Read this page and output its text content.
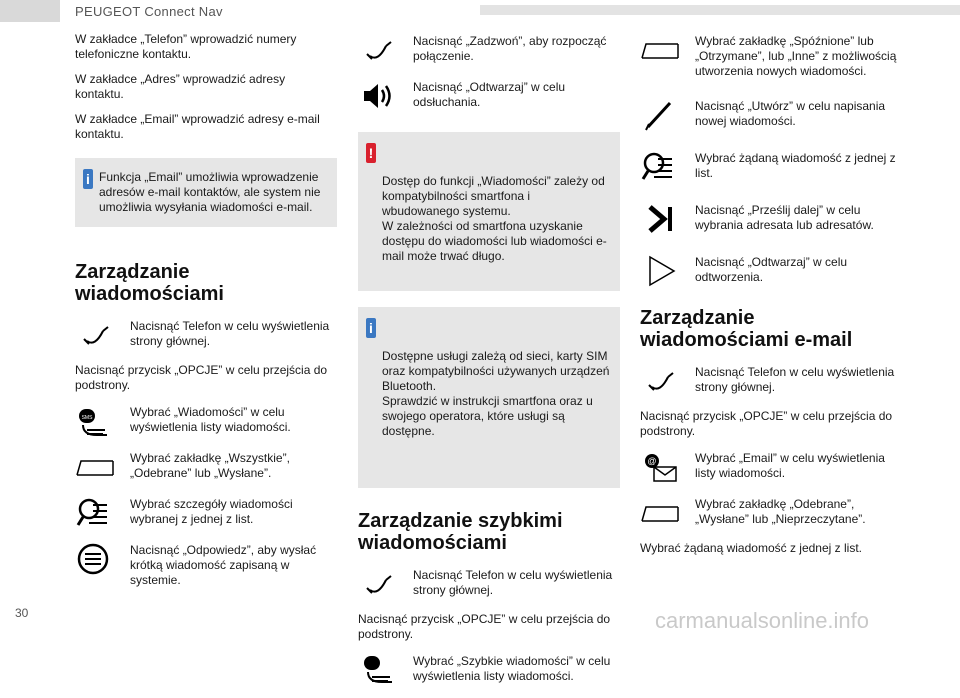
PEUGEOT Connect Nav

W zakładce „Telefon” wprowadzić numery telefoniczne kontaktu.

W zakładce „Adres” wprowadzić adresy kontaktu.

W zakładce „Email” wprowadzić adresy e-mail kontaktu.

i Funkcja „Email” umożliwia wprowadzenie adresów e-mail kontaktów, ale system nie umożliwia wysyłania wiadomości e-mail.

Zarządzanie wiadomościami
Nacisnąć Telefon w celu wyświetlenia strony głównej.

Nacisnąć przycisk „OPCJE” w celu przejścia do podstrony.

SMS	Wybrać „Wiadomości” w celu wyświetlenia listy wiadomości.
Wybrać zakładkę „Wszystkie”, „Odebrane” lub „Wysłane”.
Wybrać szczegóły wiadomości wybranej z jednej z list.
Nacisnąć „Odpowiedz”, aby wysłać krótką wiadomość zapisaną w systemie.
Nacisnąć „Zadzwoń”, aby rozpocząć połączenie.
Nacisnąć „Odtwarzaj” w celu odsłuchania.

!

Dostęp do funkcji „Wiadomości” zależy od kompatybilności smartfona i wbudowanego systemu.
W zależności od smartfona uzyskanie dostępu do wiadomości lub wiadomości e-mail może trwać długo.

i

Dostępne usługi zależą od sieci, karty SIM oraz kompatybilności używanych urządzeń Bluetooth.
Sprawdzić w instrukcji smartfona oraz u swojego operatora, które usługi są dostępne.

Zarządzanie szybkimi wiadomościami
Nacisnąć Telefon w celu wyświetlenia strony głównej.

Nacisnąć przycisk „OPCJE” w celu przejścia do podstrony.

Wybrać „Szybkie wiadomości” w celu wyświetlenia listy wiadomości.
Wybrać zakładkę „Spóźnione” lub „Otrzymane”, lub „Inne” z możliwością utworzenia nowych wiadomości.
Nacisnąć „Utwórz” w celu napisania nowej wiadomości.
Wybrać żądaną wiadomość z jednej z list.
Nacisnąć „Prześlij dalej” w celu wybrania adresata lub adresatów.
Nacisnąć „Odtwarzaj” w celu odtworzenia.
Zarządzanie wiadomościami e-mail
Nacisnąć Telefon w celu wyświetlenia strony głównej.

Nacisnąć przycisk „OPCJE” w celu przejścia do podstrony.

@	Wybrać „Email” w celu wyświetlenia listy wiadomości.
Wybrać zakładkę „Odebrane”, „Wysłane” lub „Nieprzeczytane”.

Wybrać żądaną wiadomość z jednej z list.

30	carmanualsonline.info
